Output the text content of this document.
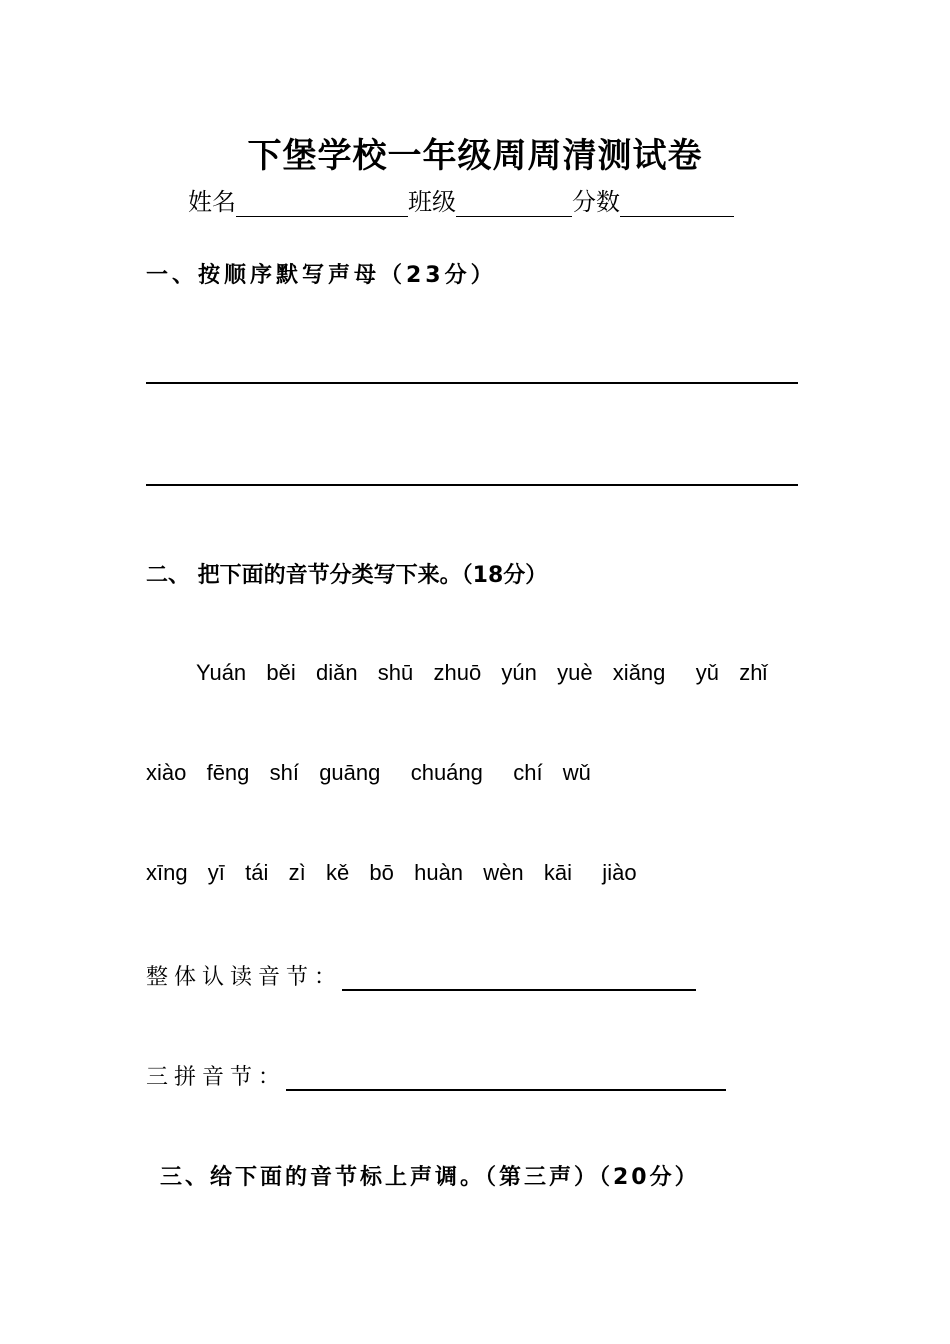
下堡学校一年级周周清测试卷
姓名	班级	分数
一、按顺序默写声母（23分）
二、 把下面的音节分类写下来。（18分）
Yuán  běi  diǎn  shū  zhuō  yún  yuè  xiǎnɡ   yǔ  zhǐ
xiào  fēnɡ  shí  ɡuānɡ   chuánɡ   chí  wǔ
xīnɡ  yī  tái  zì  kě  bō  huàn  wèn  kāi   jiào
整体认读音节：
三拼音节：
三、给下面的音节标上声调。（第三声）（20分）
